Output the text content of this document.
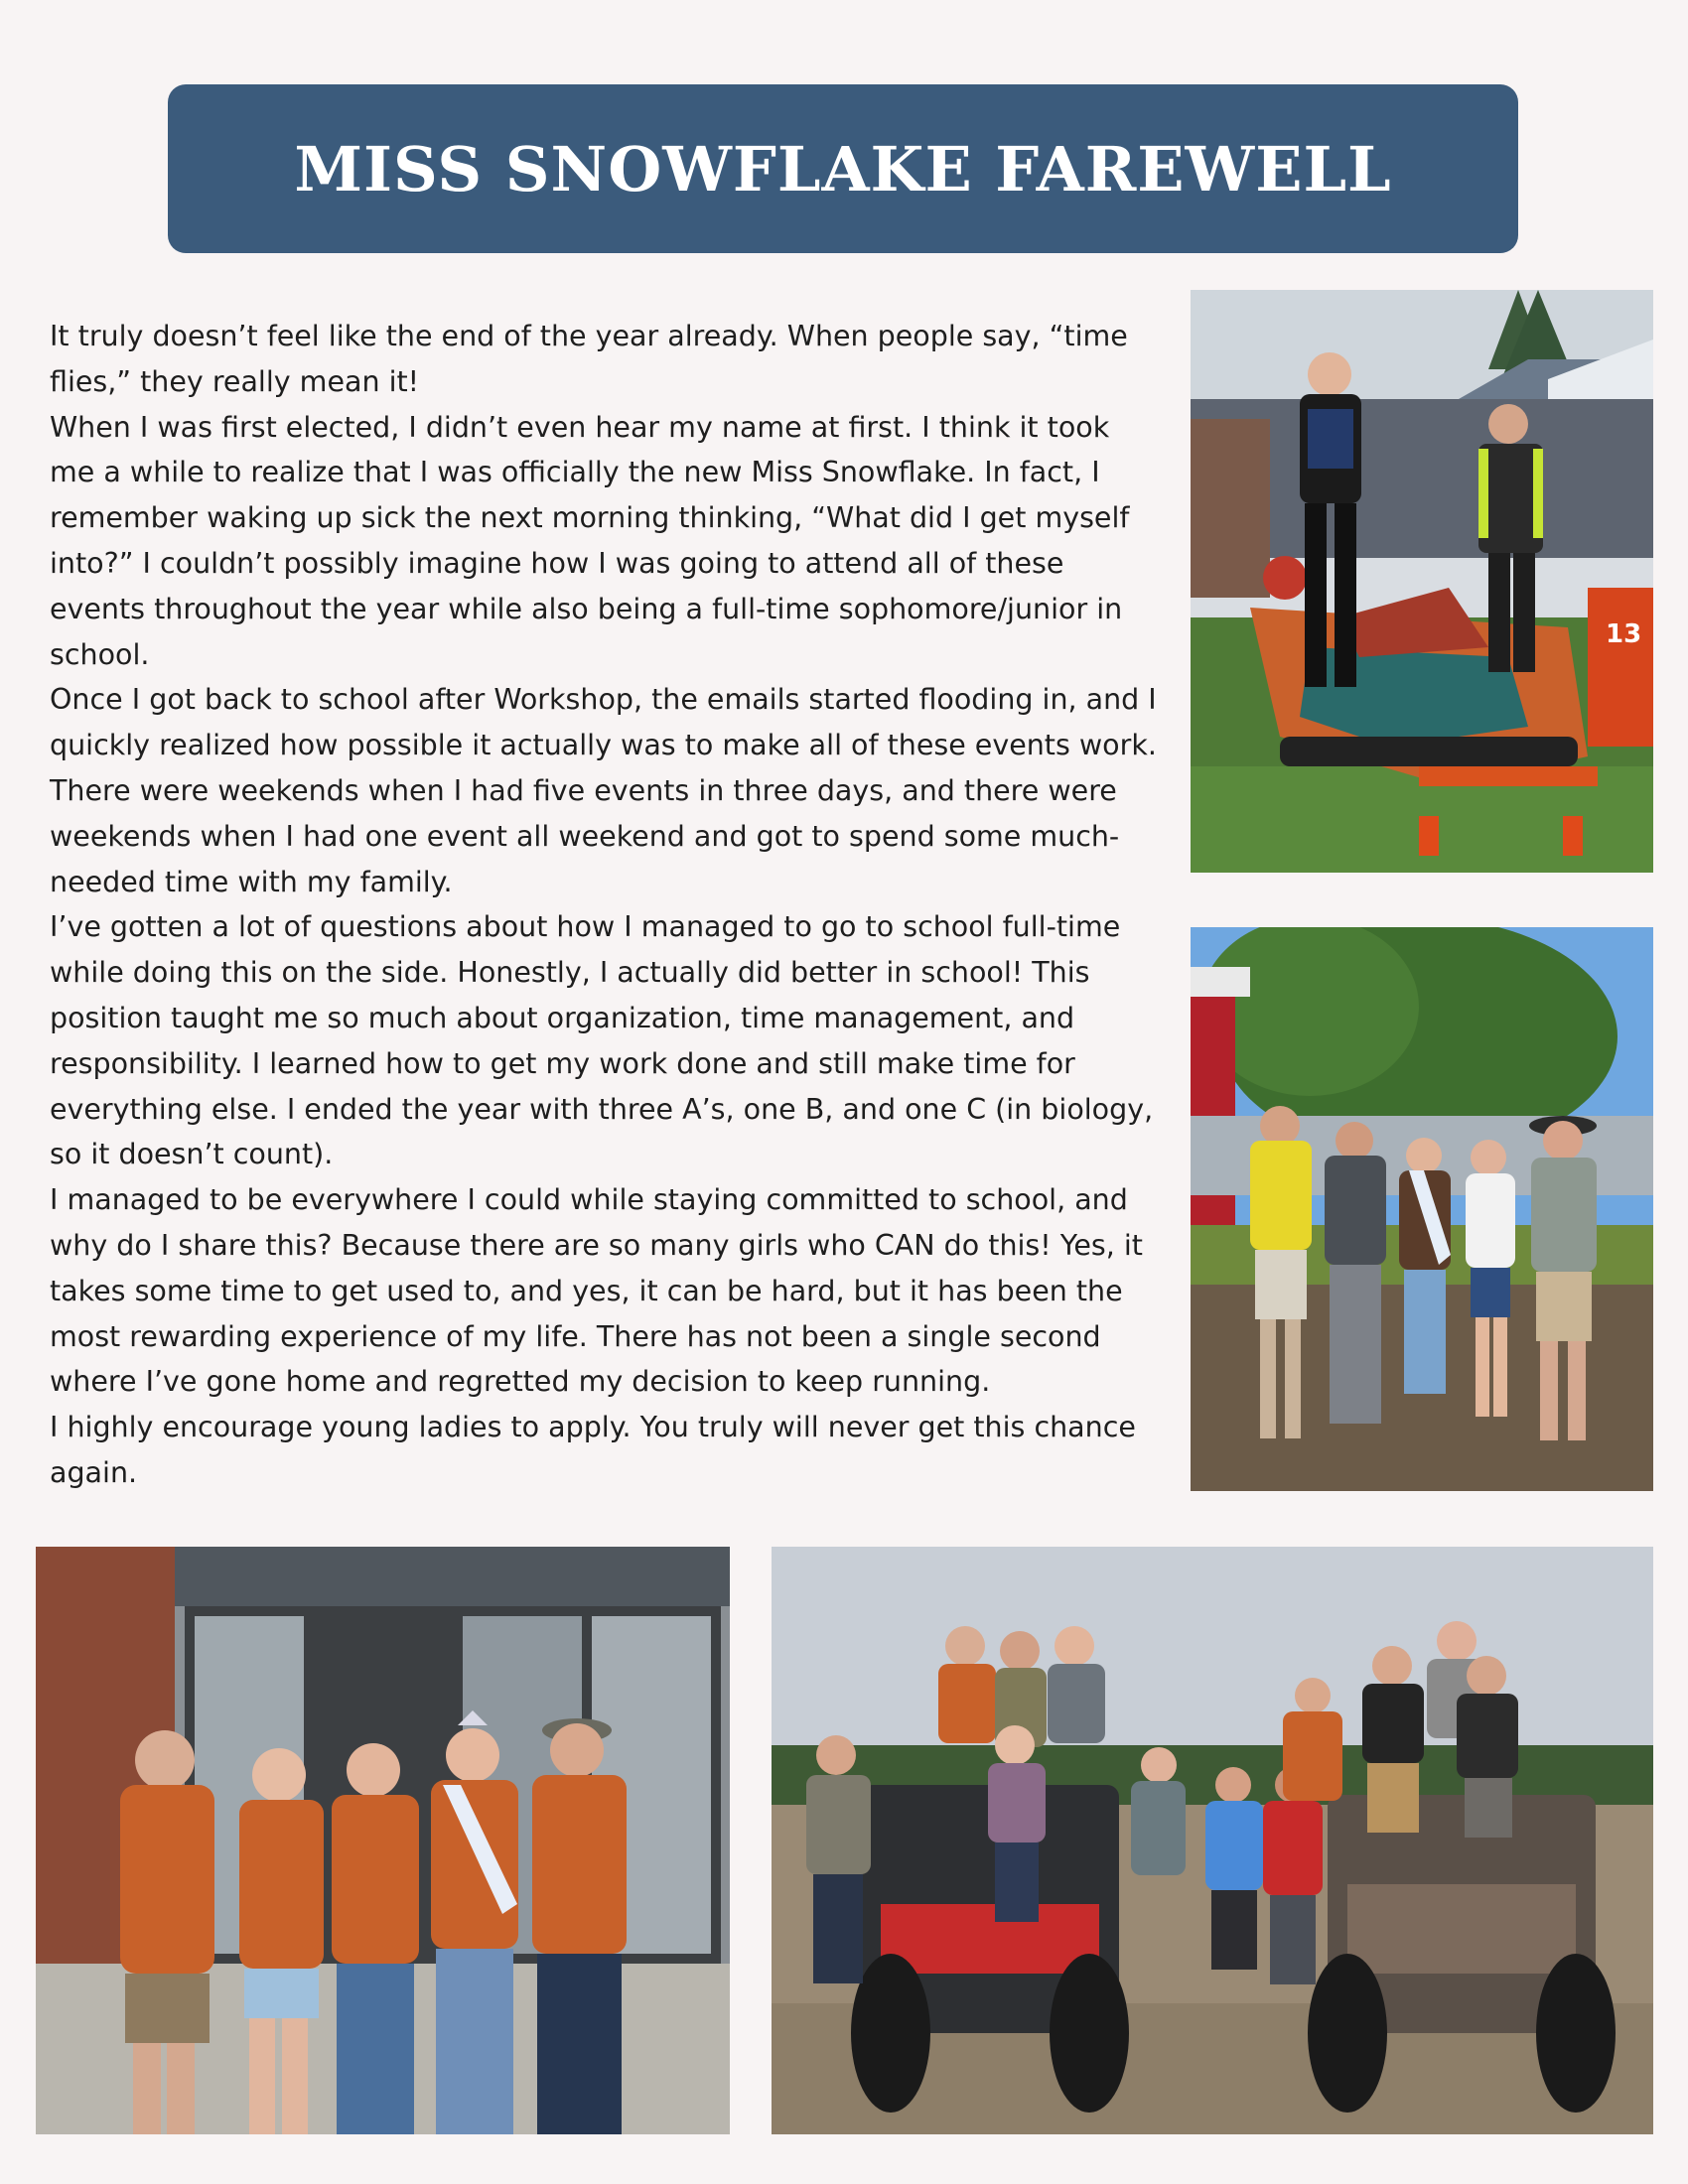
MISS SNOWFLAKE FAREWELL

It truly doesn’t feel like the end of the year already. When people say, “time flies,” they really mean it!

When I was first elected, I didn’t even hear my name at first. I think it took me a while to realize that I was officially the new Miss Snowflake. In fact, I remember waking up sick the next morning thinking, “What did I get myself into?” I couldn’t possibly imagine how I was going to attend all of these events throughout the year while also being a full-time sophomore/junior in school.

Once I got back to school after Workshop, the emails started flooding in, and I quickly realized how possible it actually was to make all of these events work. There were weekends when I had five events in three days, and there were weekends when I had one event all weekend and got to spend some much-needed time with my family.

I’ve gotten a lot of questions about how I managed to go to school full-time while doing this on the side. Honestly, I actually did better in school! This position taught me so much about organization, time management, and responsibility. I learned how to get my work done and still make time for everything else. I ended the year with three A’s, one B, and one C (in biology, so it doesn’t count).

I managed to be everywhere I could while staying committed to school, and why do I share this? Because there are so many girls who CAN do this! Yes, it takes some time to get used to, and yes, it can be hard, but it has been the most rewarding experience of my life. There has not been a single second where I’ve gone home and regretted my decision to keep running.

I highly encourage young ladies to apply. You truly will never get this chance again.

13
